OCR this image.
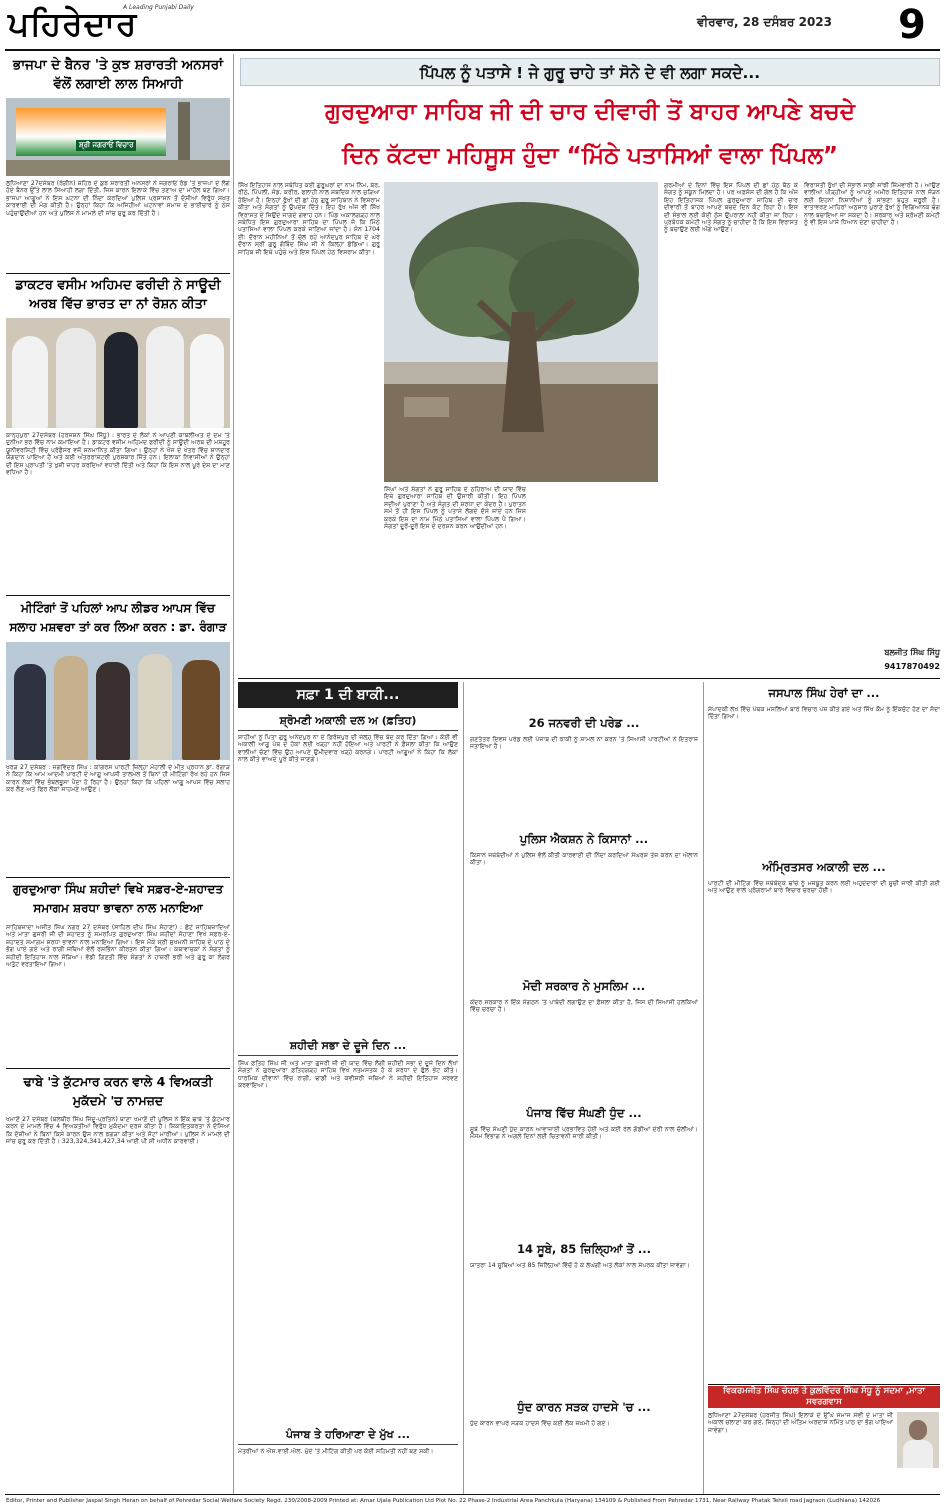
ਪਹਿਰੇਦਾਰ
A Leading Punjabi Daily
ਵੀਰਵਾਰ, 28 ਦਸੰਬਰ 2023 9
ਭਾਜਪਾ ਦੇ ਬੈਨਰ 'ਤੇ ਕੁਝ ਸ਼ਰਾਰਤੀ ਅਨਸਰਾਂ ਵੱਲੋਂ ਲਗਾਈ ਲਾਲ ਸਿਆਹੀ
ਸ਼੍ਰੀ ਜਗਰਾਓਂ ਵਿਚਾਰ
ਲੁਧਿਆਣਾ 27ਦਸੰਬਰ (ਰੰਗੀਨ) ਸ਼ਹਿਰ ਦੇ ਕੁਝ ਸ਼ਰਾਰਤੀ ਅਨਸਰਾਂ ਨੇ ਜਗਰਾਓਂ ਰੋਡ 'ਤੇ ਭਾਜਪਾ ਦੇ ਲੱਗੇ ਹੋਏ ਬੈਨਰ ਉੱਤੇ ਲਾਲ ਸਿਆਹੀ ਲਗਾ ਦਿੱਤੀ, ਜਿਸ ਕਾਰਨ ਇਲਾਕੇ ਵਿੱਚ ਤਣਾਅ ਦਾ ਮਾਹੌਲ ਬਣ ਗਿਆ। ਭਾਜਪਾ ਆਗੂਆਂ ਨੇ ਇਸ ਘਟਨਾ ਦੀ ਨਿੰਦਾ ਕਰਦਿਆਂ ਪੁਲਿਸ ਪ੍ਰਸ਼ਾਸਨ ਤੋਂ ਦੋਸ਼ੀਆਂ ਵਿਰੁੱਧ ਸਖ਼ਤ ਕਾਰਵਾਈ ਦੀ ਮੰਗ ਕੀਤੀ ਹੈ। ਉਨ੍ਹਾਂ ਕਿਹਾ ਕਿ ਅਜਿਹੀਆਂ ਘਟਨਾਵਾਂ ਸਮਾਜ ਦੇ ਭਾਈਚਾਰੇ ਨੂੰ ਠੇਸ ਪਹੁੰਚਾਉਂਦੀਆਂ ਹਨ ਅਤੇ ਪੁਲਿਸ ਨੇ ਮਾਮਲੇ ਦੀ ਜਾਂਚ ਸ਼ੁਰੂ ਕਰ ਦਿੱਤੀ ਹੈ।
ਡਾਕਟਰ ਵਸੀਮ ਅਹਿਮਦ ਫਰੀਦੀ ਨੇ ਸਾਊਦੀ ਅਰਬ ਵਿੱਚ ਭਾਰਤ ਦਾ ਨਾਂ ਰੋਸ਼ਨ ਕੀਤਾ
ਕਾਨ੍ਹਪੁਰਾ 27ਦਸੰਬਰ (ਹਰਜਸ਼ਨ ਸਿੰਘ ਸਿੱਧੂ) : ਭਾਰਤ ਦੇ ਲੋਕਾਂ ਨੇ ਆਪਣੀ ਕਾਬਲੀਅਤ ਦੇ ਦਮ 'ਤੇ ਦੁਨੀਆ ਭਰ ਵਿੱਚ ਨਾਮ ਕਮਾਇਆ ਹੈ। ਡਾਕਟਰ ਵਸੀਮ ਅਹਿਮਦ ਫਰੀਦੀ ਨੂੰ ਸਾਊਦੀ ਅਰਬ ਦੀ ਮਸ਼ਹੂਰ ਯੂਨੀਵਰਸਿਟੀ ਵਿੱਚ ਪ੍ਰੋਫੈਸਰ ਵਜੋਂ ਸਨਮਾਨਿਤ ਕੀਤਾ ਗਿਆ। ਉਨ੍ਹਾਂ ਨੇ ਖੋਜ ਦੇ ਖੇਤਰ ਵਿੱਚ ਸ਼ਾਨਦਾਰ ਯੋਗਦਾਨ ਪਾਇਆ ਹੈ ਅਤੇ ਕਈ ਅੰਤਰਰਾਸ਼ਟਰੀ ਪੁਰਸਕਾਰ ਜਿੱਤੇ ਹਨ। ਇਲਾਕਾ ਨਿਵਾਸੀਆਂ ਨੇ ਉਨ੍ਹਾਂ ਦੀ ਇਸ ਪ੍ਰਾਪਤੀ 'ਤੇ ਖੁਸ਼ੀ ਜ਼ਾਹਰ ਕਰਦਿਆਂ ਵਧਾਈ ਦਿੱਤੀ ਅਤੇ ਕਿਹਾ ਕਿ ਇਸ ਨਾਲ ਪੂਰੇ ਦੇਸ਼ ਦਾ ਮਾਣ ਵਧਿਆ ਹੈ।
ਮੀਟਿੰਗਾਂ ਤੋਂ ਪਹਿਲਾਂ ਆਪ ਲੀਡਰ ਆਪਸ ਵਿੱਚ ਸਲਾਹ ਮਸ਼ਵਰਾ ਤਾਂ ਕਰ ਲਿਆ ਕਰਨ : ਡਾ. ਰੰਗਾੜ
ਖਰੜ 27 ਦਸੰਬਰ : ਜਗਵਿੰਦਰ ਸਿੰਘ : ਕਾਂਗਰਸ ਪਾਰਟੀ ਜ਼ਿਲ੍ਹਾ ਮੋਹਾਲੀ ਦੇ ਮੀਤ ਪ੍ਰਧਾਨ ਡਾ. ਰੰਗਾੜ ਨੇ ਕਿਹਾ ਕਿ ਆਮ ਆਦਮੀ ਪਾਰਟੀ ਦੇ ਆਗੂ ਆਪਸੀ ਤਾਲਮੇਲ ਤੋਂ ਬਿਨਾਂ ਹੀ ਮੀਟਿੰਗਾਂ ਰੱਖ ਰਹੇ ਹਨ ਜਿਸ ਕਾਰਨ ਲੋਕਾਂ ਵਿੱਚ ਭੰਬਲਭੂਸਾ ਪੈਦਾ ਹੋ ਰਿਹਾ ਹੈ। ਉਨ੍ਹਾਂ ਕਿਹਾ ਕਿ ਪਹਿਲਾਂ ਆਗੂ ਆਪਸ ਵਿੱਚ ਸਲਾਹ ਕਰ ਲੈਣ ਅਤੇ ਫਿਰ ਲੋਕਾਂ ਸਾਹਮਣੇ ਆਉਣ।
ਗੁਰਦੁਆਰਾ ਸਿੰਘ ਸ਼ਹੀਦਾਂ ਵਿਖੇ ਸਫ਼ਰ-ਏ-ਸ਼ਹਾਦਤ ਸਮਾਗਮ ਸ਼ਰਧਾ ਭਾਵਨਾ ਨਾਲ ਮਨਾਇਆ
ਸਾਹਿਬਜ਼ਾਦਾ ਅਜੀਤ ਸਿੰਘ ਨਗਰ 27 ਦਸੰਬਰ (ਸਾਹਿਲ ਦੀਪ ਸਿੰਘ ਸੋਹਾਣਾ) : ਛੋਟੇ ਸਾਹਿਬਜ਼ਾਦਿਆਂ ਅਤੇ ਮਾਤਾ ਗੁਜਰੀ ਜੀ ਦੀ ਸ਼ਹਾਦਤ ਨੂੰ ਸਮਰਪਿਤ ਗੁਰਦੁਆਰਾ ਸਿੰਘ ਸ਼ਹੀਦਾਂ ਸੋਹਾਣਾ ਵਿਖੇ ਸਫ਼ਰ-ਏ-ਸ਼ਹਾਦਤ ਸਮਾਗਮ ਸ਼ਰਧਾ ਭਾਵਨਾ ਨਾਲ ਮਨਾਇਆ ਗਿਆ। ਇਸ ਮੌਕੇ ਸ੍ਰੀ ਸੁਖਮਨੀ ਸਾਹਿਬ ਦੇ ਪਾਠ ਦੇ ਭੋਗ ਪਾਏ ਗਏ ਅਤੇ ਰਾਗੀ ਜਥਿਆਂ ਵੱਲੋਂ ਰਸਭਿੰਨਾ ਕੀਰਤਨ ਕੀਤਾ ਗਿਆ। ਕਥਾਵਾਚਕਾਂ ਨੇ ਸੰਗਤਾਂ ਨੂੰ ਸ਼ਹੀਦੀ ਇਤਿਹਾਸ ਨਾਲ ਜੋੜਿਆ। ਵੱਡੀ ਗਿਣਤੀ ਵਿੱਚ ਸੰਗਤਾਂ ਨੇ ਹਾਜ਼ਰੀ ਭਰੀ ਅਤੇ ਗੁਰੂ ਕਾ ਲੰਗਰ ਅਤੁੱਟ ਵਰਤਾਇਆ ਗਿਆ।
ਢਾਬੇ 'ਤੇ ਕੁੱਟਮਾਰ ਕਰਨ ਵਾਲੇ 4 ਵਿਅਕਤੀ ਮੁਕੱਦਮੇ 'ਚ ਨਾਮਜ਼ਦ
ਖਮਾਣੋਂ 27 ਦਸੰਬਰ (ਬਲਬੀਰ ਸਿੰਘ ਜਿੰਦੂ-ਪ੍ਰਤਿਨ) ਥਾਣਾ ਖਮਾਣੋਂ ਦੀ ਪੁਲਿਸ ਨੇ ਇੱਕ ਢਾਬੇ 'ਤੇ ਕੁੱਟਮਾਰ ਕਰਨ ਦੇ ਮਾਮਲੇ ਵਿੱਚ 4 ਵਿਅਕਤੀਆਂ ਵਿਰੁੱਧ ਮੁਕੱਦਮਾ ਦਰਜ ਕੀਤਾ ਹੈ। ਸ਼ਿਕਾਇਤਕਰਤਾ ਨੇ ਦੱਸਿਆ ਕਿ ਦੋਸ਼ੀਆਂ ਨੇ ਬਿਨਾਂ ਕਿਸੇ ਕਾਰਨ ਉਸ ਨਾਲ ਝਗੜਾ ਕੀਤਾ ਅਤੇ ਸੱਟਾਂ ਮਾਰੀਆਂ। ਪੁਲਿਸ ਨੇ ਮਾਮਲੇ ਦੀ ਜਾਂਚ ਸ਼ੁਰੂ ਕਰ ਦਿੱਤੀ ਹੈ। 323,324,341,427,34 ਆਈ ਪੀ ਸੀ ਅਧੀਨ ਕਾਰਵਾਈ।
ਪਿੱਪਲ ਨੂੰ ਪਤਾਸੇ ! ਜੇ ਗੁਰੂ ਚਾਹੇ ਤਾਂ ਸੋਨੇ ਦੇ ਵੀ ਲਗਾ ਸਕਦੇ...
ਗੁਰਦੁਆਰਾ ਸਾਹਿਬ ਜੀ ਦੀ ਚਾਰ ਦੀਵਾਰੀ ਤੋਂ ਬਾਹਰ ਆਪਣੇ ਬਚਦੇ
ਦਿਨ ਕੱਟਦਾ ਮਹਿਸੂਸ ਹੁੰਦਾ “ਮਿੱਠੇ ਪਤਾਸਿਆਂ ਵਾਲਾ ਪਿੱਪਲ”
ਸਿੱਖ ਇਤਿਹਾਸ ਨਾਲ ਸਬੰਧਿਤ ਕਈ ਗੁਰੂਘਰਾਂ ਦਾ ਨਾਮ ਨਿੰਮ, ਬੇਰ, ਰੀਠੇ, ਪਿੱਪਲੀ, ਜੰਡ, ਕਰੀਰ, ਫਲਾਹੀ ਨਾਲ ਸ਼ਬਦਿਕ ਨਾਲ ਜੁੜਿਆ ਹੋਇਆ ਹੈ। ਇਨ੍ਹਾਂ ਰੁੱਖਾਂ ਦੀ ਛਾਂ ਹੇਠ ਗੁਰੂ ਸਾਹਿਬਾਨ ਨੇ ਵਿਸ਼ਰਾਮ ਕੀਤਾ ਅਤੇ ਸੰਗਤਾਂ ਨੂੰ ਉਪਦੇਸ਼ ਦਿੱਤੇ। ਇਹ ਰੁੱਖ ਅੱਜ ਵੀ ਸਿੱਖ ਵਿਰਾਸਤ ਦੇ ਜਿਉਂਦੇ ਜਾਗਦੇ ਗਵਾਹ ਹਨ। ਪਿੰਡ ਅਕਾਲਗੜ੍ਹ ਨਾਲ ਸਬੰਧਿਤ ਇਸ ਗੁਰਦੁਆਰਾ ਸਾਹਿਬ ਦਾ ਪਿੱਪਲ ਜੋ ਕਿ ਮਿੱਠੇ ਪਤਾਸਿਆਂ ਵਾਲਾ ਪਿੱਪਲ ਕਰਕੇ ਜਾਣਿਆ ਜਾਂਦਾ ਹੈ। ਸੰਨ 1704 ਈ: ਦੌਰਾਨ ਮਹੀਨਿਆਂ ਤੋਂ ਚੱਲ ਰਹੇ ਆਨੰਦਪੁਰ ਸਾਹਿਬ ਦੇ ਘੇਰੇ ਦੌਰਾਨ ਸ੍ਰੀ ਗੁਰੂ ਗੋਬਿੰਦ ਸਿੰਘ ਜੀ ਨੇ ਕਿਲ੍ਹਾ ਛੱਡਿਆ। ਗੁਰੂ ਸਾਹਿਬ ਜੀ ਇਥੇ ਪਹੁੰਚੇ ਅਤੇ ਇਸ ਪਿੱਪਲ ਹੇਠ ਵਿਸ਼ਰਾਮ ਕੀਤਾ।
ਸਿੰਘਾਂ ਅਤੇ ਸੰਗਤਾਂ ਨੇ ਗੁਰੂ ਸਾਹਿਬ ਦੇ ਠਹਿਰਾਅ ਦੀ ਯਾਦ ਵਿੱਚ ਇਥੇ ਗੁਰਦੁਆਰਾ ਸਾਹਿਬ ਦੀ ਉਸਾਰੀ ਕੀਤੀ। ਇਹ ਪਿੱਪਲ ਸਦੀਆਂ ਪੁਰਾਣਾ ਹੈ ਅਤੇ ਸੰਗਤ ਦੀ ਸ਼ਰਧਾ ਦਾ ਕੇਂਦਰ ਹੈ। ਪੁਰਾਤਨ ਸਮੇਂ ਤੋਂ ਹੀ ਇਸ ਪਿੱਪਲ ਨੂੰ ਪਤਾਸੇ ਲੱਗਦੇ ਦੱਸੇ ਜਾਂਦੇ ਹਨ ਜਿਸ ਕਰਕੇ ਇਸ ਦਾ ਨਾਮ ਮਿੱਠੇ ਪਤਾਸਿਆਂ ਵਾਲਾ ਪਿੱਪਲ ਪੈ ਗਿਆ। ਸੰਗਤਾਂ ਦੂਰੋਂ-ਦੂਰੋਂ ਇਸ ਦੇ ਦਰਸ਼ਨ ਕਰਨ ਆਉਂਦੀਆਂ ਹਨ।
ਗਰਮੀਆਂ ਦੇ ਦਿਨਾਂ ਵਿੱਚ ਇਸ ਪਿੱਪਲ ਦੀ ਛਾਂ ਹੇਠ ਬੈਠ ਕੇ ਸੰਗਤ ਨੂੰ ਸਕੂਨ ਮਿਲਦਾ ਹੈ। ਪਰ ਅਫ਼ਸੋਸ ਦੀ ਗੱਲ ਹੈ ਕਿ ਅੱਜ ਇਹ ਇਤਿਹਾਸਕ ਪਿੱਪਲ ਗੁਰਦੁਆਰਾ ਸਾਹਿਬ ਦੀ ਚਾਰ ਦੀਵਾਰੀ ਤੋਂ ਬਾਹਰ ਆਪਣੇ ਬਚਦੇ ਦਿਨ ਕੱਟ ਰਿਹਾ ਹੈ। ਇਸ ਦੀ ਸੰਭਾਲ ਲਈ ਕੋਈ ਠੋਸ ਉਪਰਾਲਾ ਨਹੀਂ ਕੀਤਾ ਜਾ ਰਿਹਾ। ਪ੍ਰਬੰਧਕ ਕਮੇਟੀ ਅਤੇ ਸੰਗਤ ਨੂੰ ਚਾਹੀਦਾ ਹੈ ਕਿ ਇਸ ਵਿਰਾਸਤ ਨੂੰ ਬਚਾਉਣ ਲਈ ਅੱਗੇ ਆਉਣ।
ਵਿਰਾਸਤੀ ਰੁੱਖਾਂ ਦੀ ਸੰਭਾਲ ਸਾਡੀ ਸਾਂਝੀ ਜ਼ਿੰਮੇਵਾਰੀ ਹੈ। ਆਉਣ ਵਾਲੀਆਂ ਪੀੜ੍ਹੀਆਂ ਨੂੰ ਆਪਣੇ ਅਮੀਰ ਇਤਿਹਾਸ ਨਾਲ ਜੋੜਨ ਲਈ ਇਹਨਾਂ ਨਿਸ਼ਾਨੀਆਂ ਨੂੰ ਸਾਂਭਣਾ ਬਹੁਤ ਜ਼ਰੂਰੀ ਹੈ। ਵਾਤਾਵਰਣ ਮਾਹਿਰਾਂ ਅਨੁਸਾਰ ਪੁਰਾਣੇ ਰੁੱਖਾਂ ਨੂੰ ਵਿਗਿਆਨਕ ਢੰਗ ਨਾਲ ਬਚਾਇਆ ਜਾ ਸਕਦਾ ਹੈ। ਸਰਕਾਰ ਅਤੇ ਸ਼੍ਰੋਮਣੀ ਕਮੇਟੀ ਨੂੰ ਵੀ ਇਸ ਪਾਸੇ ਧਿਆਨ ਦੇਣਾ ਚਾਹੀਦਾ ਹੈ।
ਬਲਜੀਤ ਸਿੰਘ ਸਿੱਧੂ
9417870492
ਸਫ਼ਾ 1 ਦੀ ਬਾਕੀ...
ਸ਼੍ਰੋਮਣੀ ਅਕਾਲੀ ਦਲ ਅ (ਫ਼ਤਿਹ)
ਸ਼ਾਹੀਆਂ ਨੂੰ ਪਿਤਾ ਗੁਰੂ ਅਨੰਦਪੁਰ ਨਾ ਦੇ ਫ਼ਿਰੋਜ਼ਪੁਰ ਦੀ ਜੇਲ੍ਹ ਵਿੱਚ ਬੰਦ ਕਰ ਦਿੱਤਾ ਗਿਆ। ਕੋਈ ਵੀ ਅਕਾਲੀ ਆਗੂ ਪੰਥ ਦੇ ਹੱਕਾਂ ਲਈ ਖੜ੍ਹਾ ਨਹੀਂ ਹੋਇਆ ਅਤੇ ਪਾਰਟੀ ਨੇ ਫ਼ੈਸਲਾ ਕੀਤਾ ਕਿ ਆਉਣ ਵਾਲੀਆਂ ਚੋਣਾਂ ਵਿੱਚ ਉਹ ਆਪਣੇ ਉਮੀਦਵਾਰ ਖੜ੍ਹੇ ਕਰਨਗੇ। ਪਾਰਟੀ ਆਗੂਆਂ ਨੇ ਕਿਹਾ ਕਿ ਲੋਕਾਂ ਨਾਲ ਕੀਤੇ ਵਾਅਦੇ ਪੂਰੇ ਕੀਤੇ ਜਾਣਗੇ।
ਸ਼ਹੀਦੀ ਸਭਾ ਦੇ ਦੂਜੇ ਦਿਨ ...
ਸਿੰਘ ਫ਼ਤਿਹ ਸਿੰਘ ਜੀ ਅਤੇ ਮਾਤਾ ਗੁਜਰੀ ਜੀ ਦੀ ਯਾਦ ਵਿੱਚ ਲੱਗੀ ਸ਼ਹੀਦੀ ਸਭਾ ਦੇ ਦੂਜੇ ਦਿਨ ਲੱਖਾਂ ਸੰਗਤਾਂ ਨੇ ਗੁਰਦੁਆਰਾ ਫ਼ਤਿਹਗੜ੍ਹ ਸਾਹਿਬ ਵਿਖੇ ਨਤਮਸਤਕ ਹੋ ਕੇ ਸ਼ਰਧਾ ਦੇ ਫੁੱਲ ਭੇਟ ਕੀਤੇ। ਧਾਰਮਿਕ ਦੀਵਾਨਾਂ ਵਿੱਚ ਰਾਗੀ, ਢਾਡੀ ਅਤੇ ਕਵੀਸ਼ਰੀ ਜਥਿਆਂ ਨੇ ਸ਼ਹੀਦੀ ਇਤਿਹਾਸ ਸਰਵਣ ਕਰਵਾਇਆ।
ਪੰਜਾਬ ਤੇ ਹਰਿਆਣਾ ਦੇ ਮੁੱਖ ...
ਮੰਤਰੀਆਂ ਨੇ ਐਸ.ਵਾਈ.ਐਲ. ਮੁੱਦੇ 'ਤੇ ਮੀਟਿੰਗ ਕੀਤੀ ਪਰ ਕੋਈ ਸਹਿਮਤੀ ਨਹੀਂ ਬਣ ਸਕੀ।
26 ਜਨਵਰੀ ਦੀ ਪਰੇਡ ...
ਗਣਤੰਤਰ ਦਿਵਸ ਪਰੇਡ ਲਈ ਪੰਜਾਬ ਦੀ ਝਾਕੀ ਨੂੰ ਸ਼ਾਮਲ ਨਾ ਕਰਨ 'ਤੇ ਸਿਆਸੀ ਪਾਰਟੀਆਂ ਨੇ ਇਤਰਾਜ਼ ਜਤਾਇਆ ਹੈ।
ਪੁਲਿਸ ਐਕਸ਼ਨ ਨੇ ਕਿਸਾਨਾਂ ...
ਕਿਸਾਨ ਜਥੇਬੰਦੀਆਂ ਨੇ ਪੁਲਿਸ ਵੱਲੋਂ ਕੀਤੀ ਕਾਰਵਾਈ ਦੀ ਨਿੰਦਾ ਕਰਦਿਆਂ ਸੰਘਰਸ਼ ਤੇਜ਼ ਕਰਨ ਦਾ ਐਲਾਨ ਕੀਤਾ।
ਮੋਦੀ ਸਰਕਾਰ ਨੇ ਮੁਸਲਿਮ ...
ਕੇਂਦਰ ਸਰਕਾਰ ਨੇ ਇੱਕ ਸੰਗਠਨ 'ਤੇ ਪਾਬੰਦੀ ਲਗਾਉਣ ਦਾ ਫ਼ੈਸਲਾ ਕੀਤਾ ਹੈ, ਜਿਸ ਦੀ ਸਿਆਸੀ ਹਲਕਿਆਂ ਵਿੱਚ ਚਰਚਾ ਹੈ।
ਪੰਜਾਬ ਵਿੱਚ ਸੰਘਣੀ ਧੁੰਦ ...
ਸੂਬੇ ਵਿੱਚ ਸੰਘਣੀ ਧੁੰਦ ਕਾਰਨ ਆਵਾਜਾਈ ਪ੍ਰਭਾਵਿਤ ਹੋਈ ਅਤੇ ਕਈ ਰੇਲ ਗੱਡੀਆਂ ਦੇਰੀ ਨਾਲ ਚੱਲੀਆਂ। ਮੌਸਮ ਵਿਭਾਗ ਨੇ ਅਗਲੇ ਦਿਨਾਂ ਲਈ ਚਿਤਾਵਨੀ ਜਾਰੀ ਕੀਤੀ।
14 ਸੂਬੇ, 85 ਜ਼ਿਲ੍ਹਿਆਂ ਤੋਂ ...
ਯਾਤਰਾ 14 ਸੂਬਿਆਂ ਅਤੇ 85 ਜ਼ਿਲ੍ਹਿਆਂ ਵਿੱਚੋਂ ਹੋ ਕੇ ਲੰਘੇਗੀ ਅਤੇ ਲੋਕਾਂ ਨਾਲ ਸੰਪਰਕ ਕੀਤਾ ਜਾਵੇਗਾ।
ਧੁੰਦ ਕਾਰਨ ਸੜਕ ਹਾਦਸੇ 'ਚ ...
ਧੁੰਦ ਕਾਰਨ ਵਾਪਰੇ ਸੜਕ ਹਾਦਸੇ ਵਿੱਚ ਕਈ ਲੋਕ ਜ਼ਖ਼ਮੀ ਹੋ ਗਏ।
ਜਸਪਾਲ ਸਿੰਘ ਹੇਰਾਂ ਦਾ ...
ਸੰਪਾਦਕੀ ਲੇਖ ਵਿੱਚ ਪੰਥਕ ਮਸਲਿਆਂ ਬਾਰੇ ਵਿਚਾਰ ਪੇਸ਼ ਕੀਤੇ ਗਏ ਅਤੇ ਸਿੱਖ ਕੌਮ ਨੂੰ ਇੱਕਜੁੱਟ ਹੋਣ ਦਾ ਸੱਦਾ ਦਿੱਤਾ ਗਿਆ।
ਅੰਮ੍ਰਿਤਸਰ ਅਕਾਲੀ ਦਲ ...
ਪਾਰਟੀ ਦੀ ਮੀਟਿੰਗ ਵਿੱਚ ਜਥੇਬੰਦਕ ਢਾਂਚੇ ਨੂੰ ਮਜ਼ਬੂਤ ਕਰਨ ਲਈ ਅਹੁਦੇਦਾਰਾਂ ਦੀ ਸੂਚੀ ਜਾਰੀ ਕੀਤੀ ਗਈ ਅਤੇ ਆਉਣ ਵਾਲੇ ਪ੍ਰੋਗਰਾਮਾਂ ਬਾਰੇ ਵਿਚਾਰ ਚਰਚਾ ਹੋਈ।
ਵਿਕਰਮਜੀਤ ਸਿੰਘ ਚੇਹਲ ਤੇ ਕੁਲਵਿੰਦਰ ਸਿੰਘ ਸੰਧੂ ਨੂੰ ਸਦਮਾ ,ਮਾਤਾ ਸਵਰਗਵਾਸ
ਲੁਧਿਆਣਾ 27ਦਸੰਬਰ (ਹਰਜੀਤ ਸਿੰਘ) ਇਲਾਕੇ ਦੇ ਉੱਘੇ ਸਮਾਜ ਸੇਵੀ ਦੇ ਮਾਤਾ ਜੀ ਅਕਾਲ ਚਲਾਣਾ ਕਰ ਗਏ, ਜਿਨ੍ਹਾਂ ਦੀ ਅੰਤਿਮ ਅਰਦਾਸ ਨਮਿੱਤ ਪਾਠ ਦਾ ਭੋਗ ਪਾਇਆ ਜਾਵੇਗਾ।
Editor, Printer and Publisher Jaspal Singh Heran on behalf of Pehredar Social Welfare Society Regd. 230/2008-2009 Printed at: Amar Ujala Publication Ltd Plot No. 22 Phase-2 Industrial Area Panchkula (Haryana) 134109 & Published From Pehredar 1731, Near Railway Phatak Tehsil road Jagraon (Ludhiana) 142026
